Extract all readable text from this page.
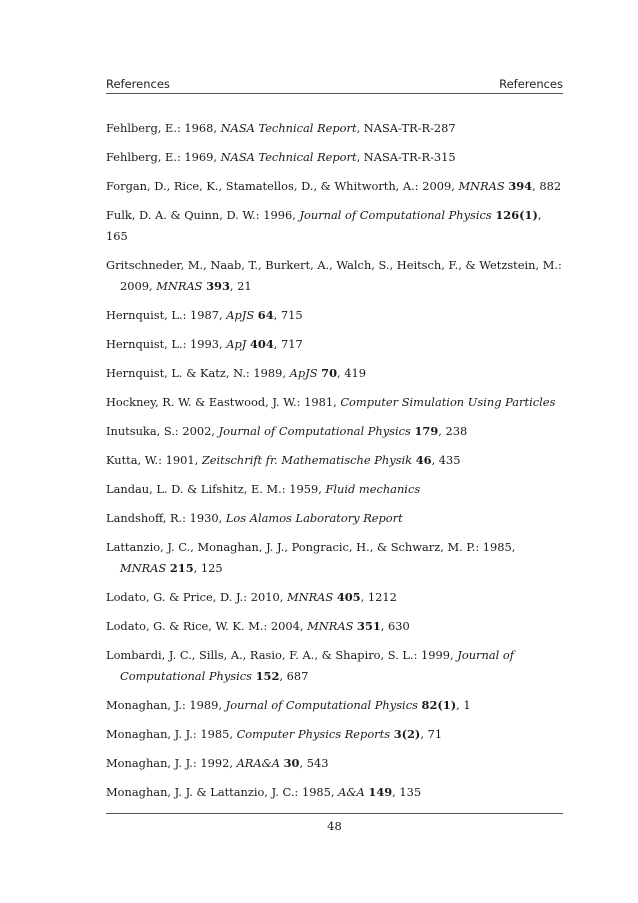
References	References

Fehlberg, E.: 1968, NASA Technical Report, NASA-TR-R-287

Fehlberg, E.: 1969, NASA Technical Report, NASA-TR-R-315

Forgan, D., Rice, K., Stamatellos, D., & Whitworth, A.: 2009, MNRAS 394, 882

Fulk, D. A. & Quinn, D. W.: 1996, Journal of Computational Physics 126(1), 165

Gritschneder, M., Naab, T., Burkert, A., Walch, S., Heitsch, F., & Wetzstein, M.: 2009, MNRAS 393, 21

Hernquist, L.: 1987, ApJS 64, 715

Hernquist, L.: 1993, ApJ 404, 717

Hernquist, L. & Katz, N.: 1989, ApJS 70, 419

Hockney, R. W. & Eastwood, J. W.: 1981, Computer Simulation Using Particles

Inutsuka, S.: 2002, Journal of Computational Physics 179, 238

Kutta, W.: 1901, Zeitschrift fr. Mathematische Physik 46, 435

Landau, L. D. & Lifshitz, E. M.: 1959, Fluid mechanics

Landshoff, R.: 1930, Los Alamos Laboratory Report

Lattanzio, J. C., Monaghan, J. J., Pongracic, H., & Schwarz, M. P.: 1985, MNRAS 215, 125

Lodato, G. & Price, D. J.: 2010, MNRAS 405, 1212

Lodato, G. & Rice, W. K. M.: 2004, MNRAS 351, 630

Lombardi, J. C., Sills, A., Rasio, F. A., & Shapiro, S. L.: 1999, Journal of Computational Physics 152, 687

Monaghan, J.: 1989, Journal of Computational Physics 82(1), 1

Monaghan, J. J.: 1985, Computer Physics Reports 3(2), 71

Monaghan, J. J.: 1992, ARA&A 30, 543

Monaghan, J. J. & Lattanzio, J. C.: 1985, A&A 149, 135

48
